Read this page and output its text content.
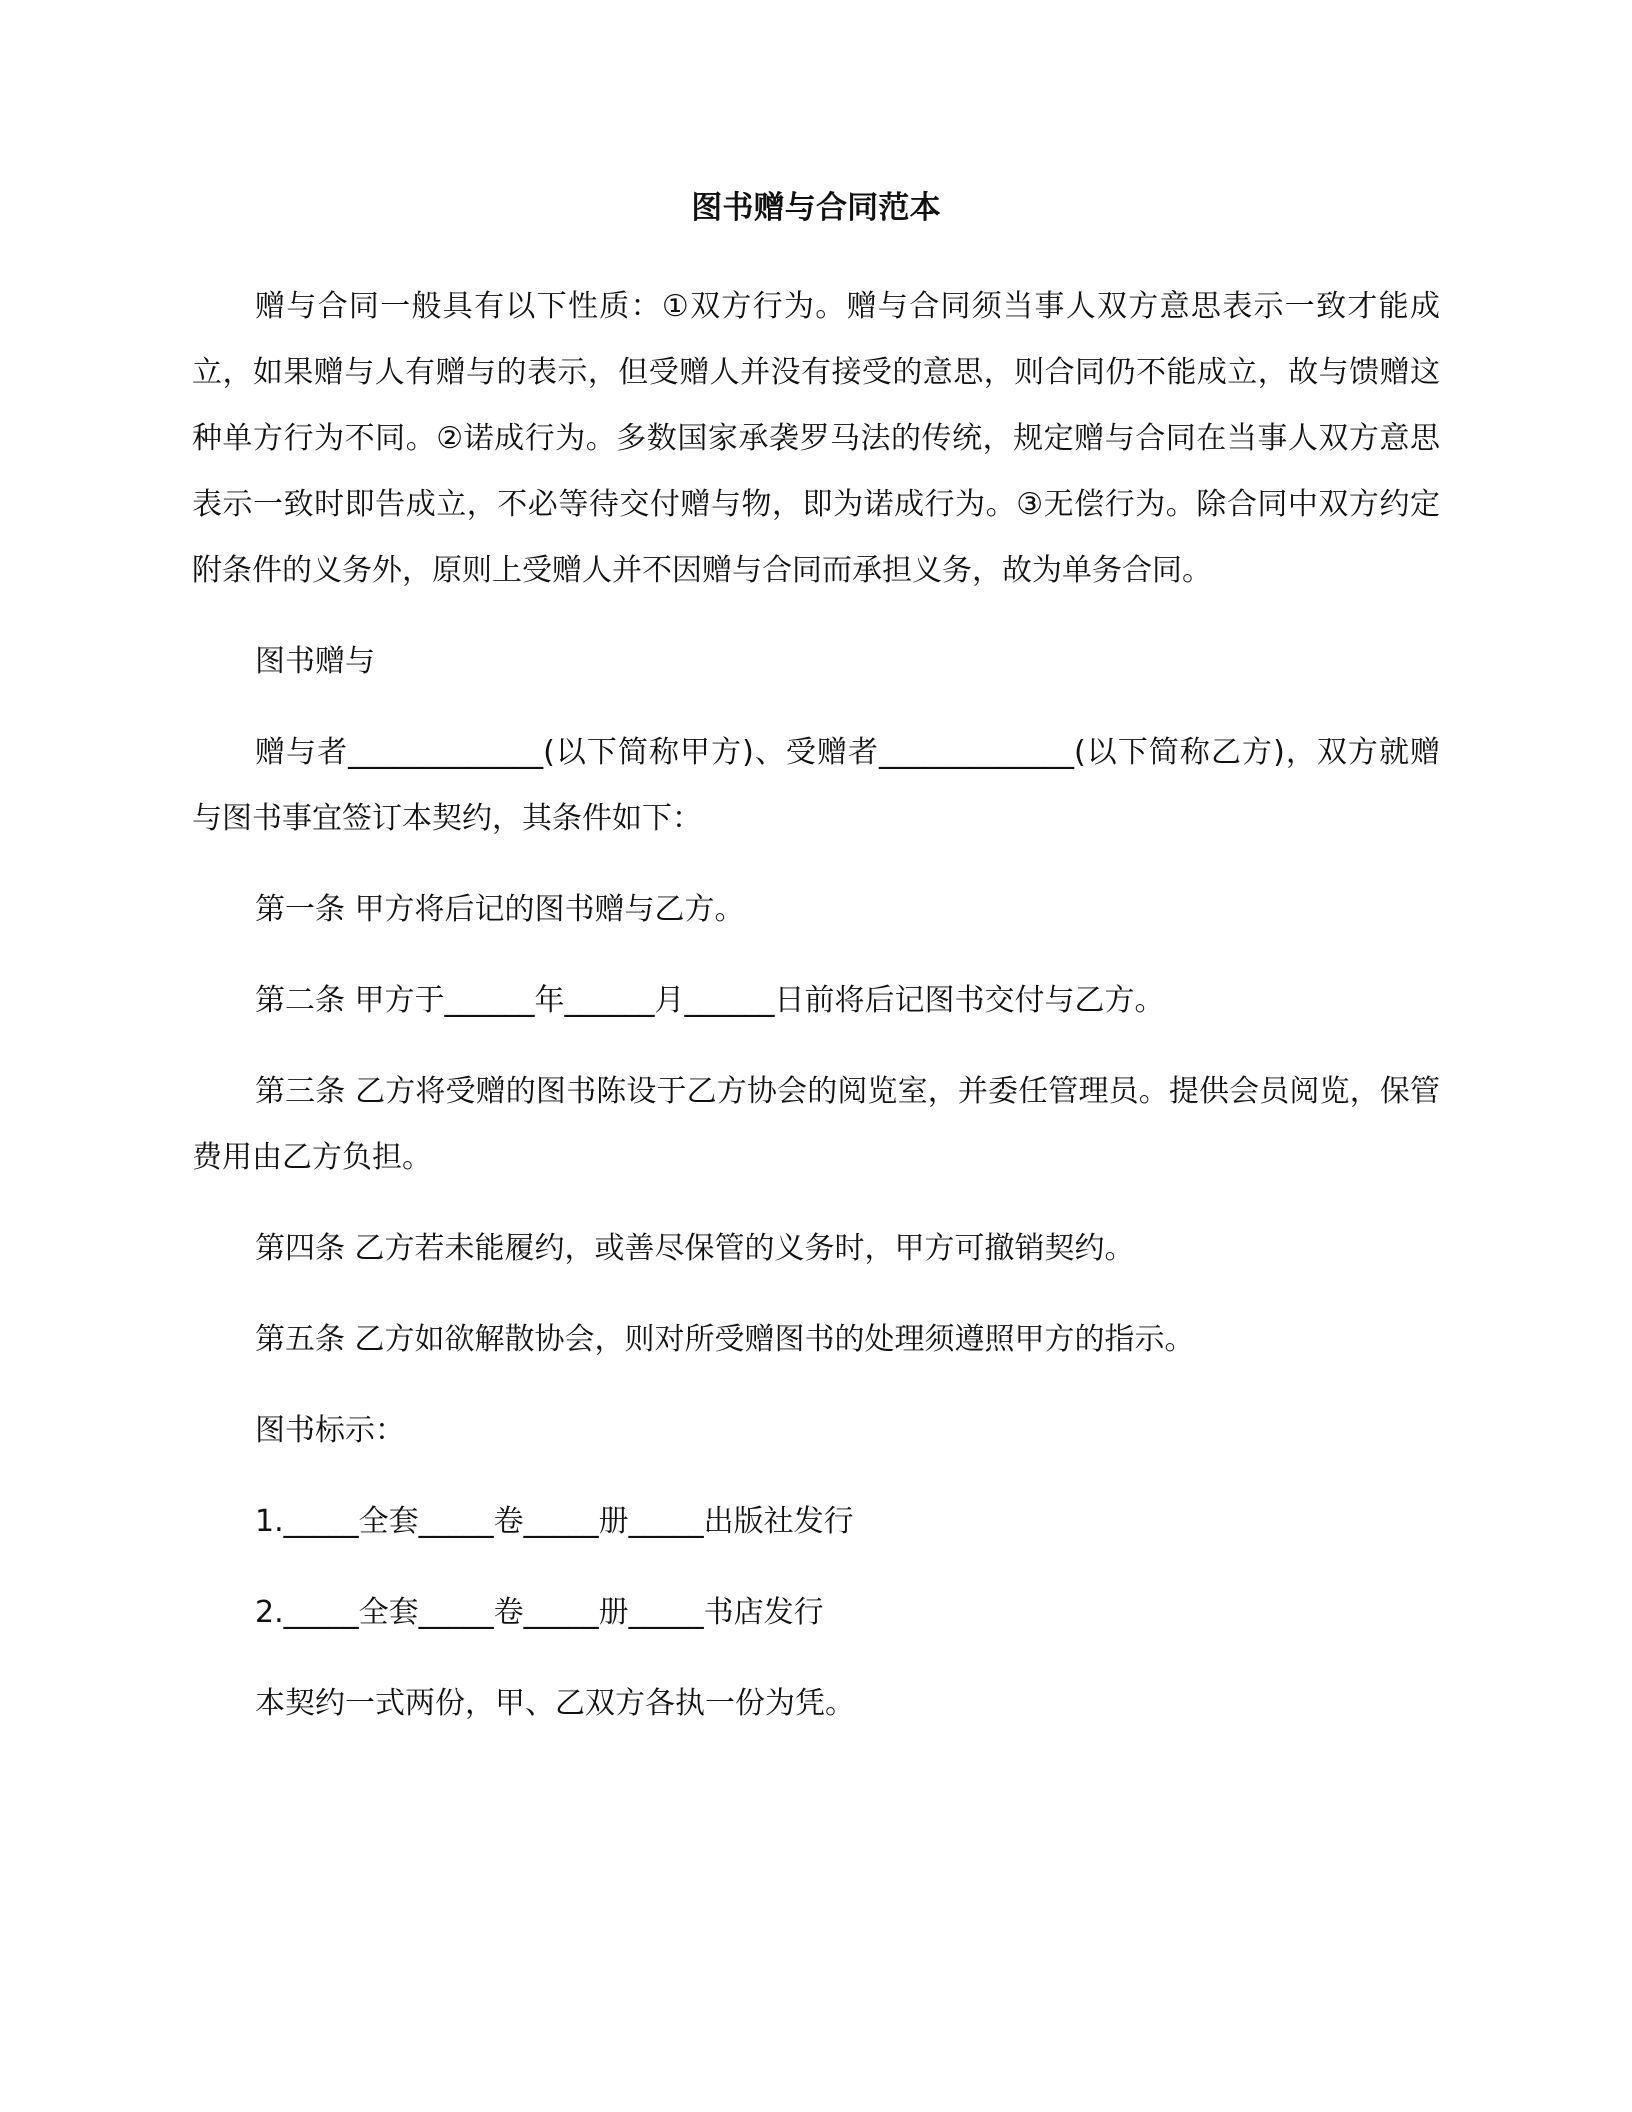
图书赠与合同范本

赠与合同一般具有以下性质：①双方行为。赠与合同须当事人双方意思表示一致才能成立，如果赠与人有赠与的表示，但受赠人并没有接受的意思，则合同仍不能成立，故与馈赠这种单方行为不同。②诺成行为。多数国家承袭罗马法的传统，规定赠与合同在当事人双方意思表示一致时即告成立，不必等待交付赠与物，即为诺成行为。③无偿行为。除合同中双方约定附条件的义务外，原则上受赠人并不因赠与合同而承担义务，故为单务合同。

图书赠与

赠与者_____________(以下简称甲方)、受赠者_____________(以下简称乙方)，双方就赠与图书事宜签订本契约，其条件如下：

第一条 甲方将后记的图书赠与乙方。

第二条 甲方于______年______月______日前将后记图书交付与乙方。

第三条 乙方将受赠的图书陈设于乙方协会的阅览室，并委任管理员。提供会员阅览，保管费用由乙方负担。

第四条 乙方若未能履约，或善尽保管的义务时，甲方可撤销契约。

第五条 乙方如欲解散协会，则对所受赠图书的处理须遵照甲方的指示。

图书标示：

1._____全套_____卷_____册_____出版社发行

2._____全套_____卷_____册_____书店发行

本契约一式两份，甲、乙双方各执一份为凭。
